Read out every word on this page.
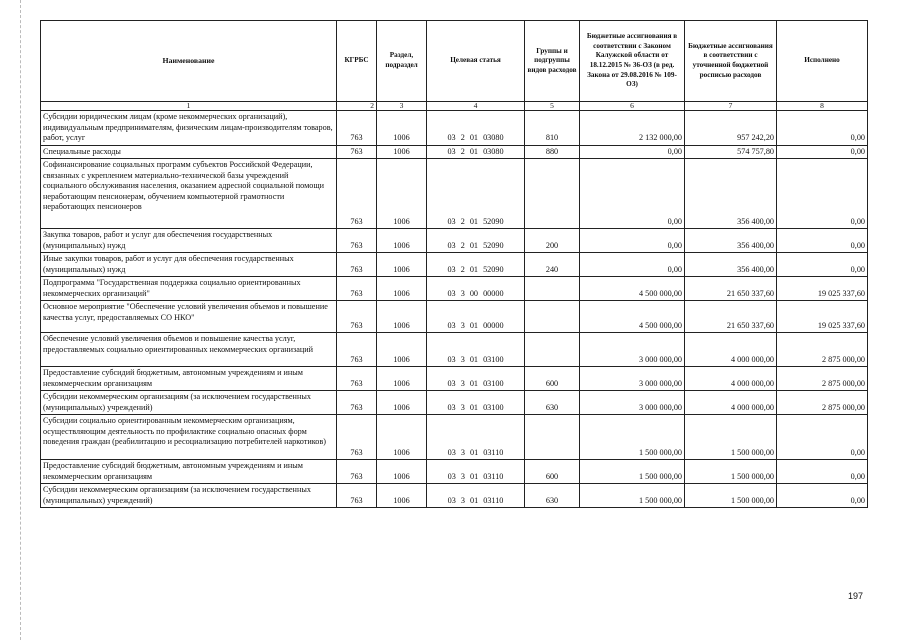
Наименование	КГРБС	Раздел, подраздел	Целевая статья	Группы и подгруппы видов расходов	Бюджетные ассигнования в соответствии с Законом Калужской области от 18.12.2015 № 36-ОЗ (в ред. Закона от 29.08.2016 № 109-ОЗ)	Бюджетные ассигнования в соответствии с уточненной бюджетной росписью расходов	Исполнено
1	2	3	4	5	6	7	8
Субсидии юридическим лицам (кроме некоммерческих организаций), индивидуальным предпринимателям, физическим лицам-производителям товаров, работ, услуг	763	1006	03 2 01 03080	810	2 132 000,00	957 242,20	0,00
Специальные расходы	763	1006	03 2 01 03080	880	0,00	574 757,80	0,00
Софинансирование социальных программ субъектов Российской Федерации, связанных с укреплением материально-технической базы учреждений социального обслуживания населения, оказанием адресной социальной помощи неработающим пенсионерам, обучением компьютерной грамотности неработающих пенсионеров	763	1006	03 2 01 52090		0,00	356 400,00	0,00
Закупка товаров, работ и услуг для обеспечения государственных (муниципальных) нужд	763	1006	03 2 01 52090	200	0,00	356 400,00	0,00
Иные закупки товаров, работ и услуг для обеспечения государственных (муниципальных) нужд	763	1006	03 2 01 52090	240	0,00	356 400,00	0,00
Подпрограмма "Государственная поддержка социально ориентированных некоммерческих организаций"	763	1006	03 3 00 00000		4 500 000,00	21 650 337,60	19 025 337,60
Основное мероприятие "Обеспечение условий увеличения объемов и повышение качества услуг, предоставляемых СО НКО"	763	1006	03 3 01 00000		4 500 000,00	21 650 337,60	19 025 337,60
Обеспечение условий увеличения объемов и повышение качества услуг, предоставляемых социально ориентированных некоммерческих организаций	763	1006	03 3 01 03100		3 000 000,00	4 000 000,00	2 875 000,00
Предоставление субсидий бюджетным, автономным учреждениям и иным некоммерческим организациям	763	1006	03 3 01 03100	600	3 000 000,00	4 000 000,00	2 875 000,00
Субсидии некоммерческим организациям (за исключением государственных (муниципальных) учреждений)	763	1006	03 3 01 03100	630	3 000 000,00	4 000 000,00	2 875 000,00
Субсидии социально ориентированным некоммерческим организациям, осуществляющим деятельность по профилактике социально опасных форм поведения граждан (реабилитацию и ресоциализацию потребителей наркотиков)	763	1006	03 3 01 03110		1 500 000,00	1 500 000,00	0,00
Предоставление субсидий бюджетным, автономным учреждениям и иным некоммерческим организациям	763	1006	03 3 01 03110	600	1 500 000,00	1 500 000,00	0,00
Субсидии некоммерческим организациям (за исключением государственных (муниципальных) учреждений)	763	1006	03 3 01 03110	630	1 500 000,00	1 500 000,00	0,00
197
